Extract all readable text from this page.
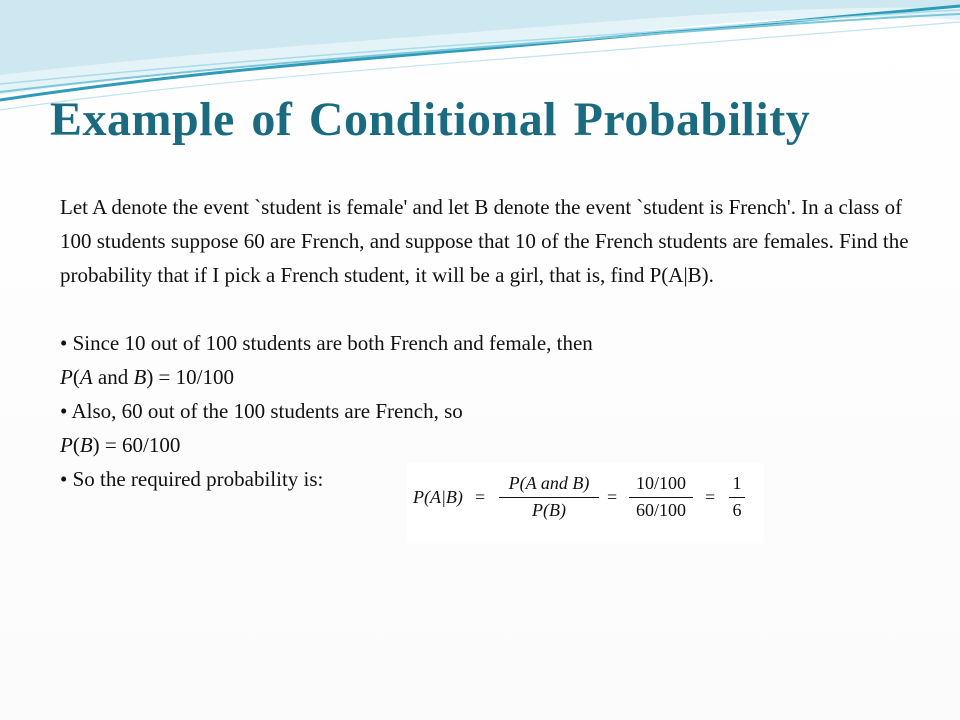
Example of Conditional Probability

Let A denote the event `student is female' and let B denote the event `student is French'. In a class of 100 students suppose 60 are French, and suppose that 10 of the French students are females. Find the probability that if I pick a French student, it will be a girl, that is, find P(A|B).

• Since 10 out of 100 students are both French and female, then

P(A and B) = 10/100

• Also, 60 out of the 100 students are French, so

P(B) = 60/100

• So the required probability is:

P(A|B) =
P(A and B)
P(B)
=
10/100
60/100
=
1
6
